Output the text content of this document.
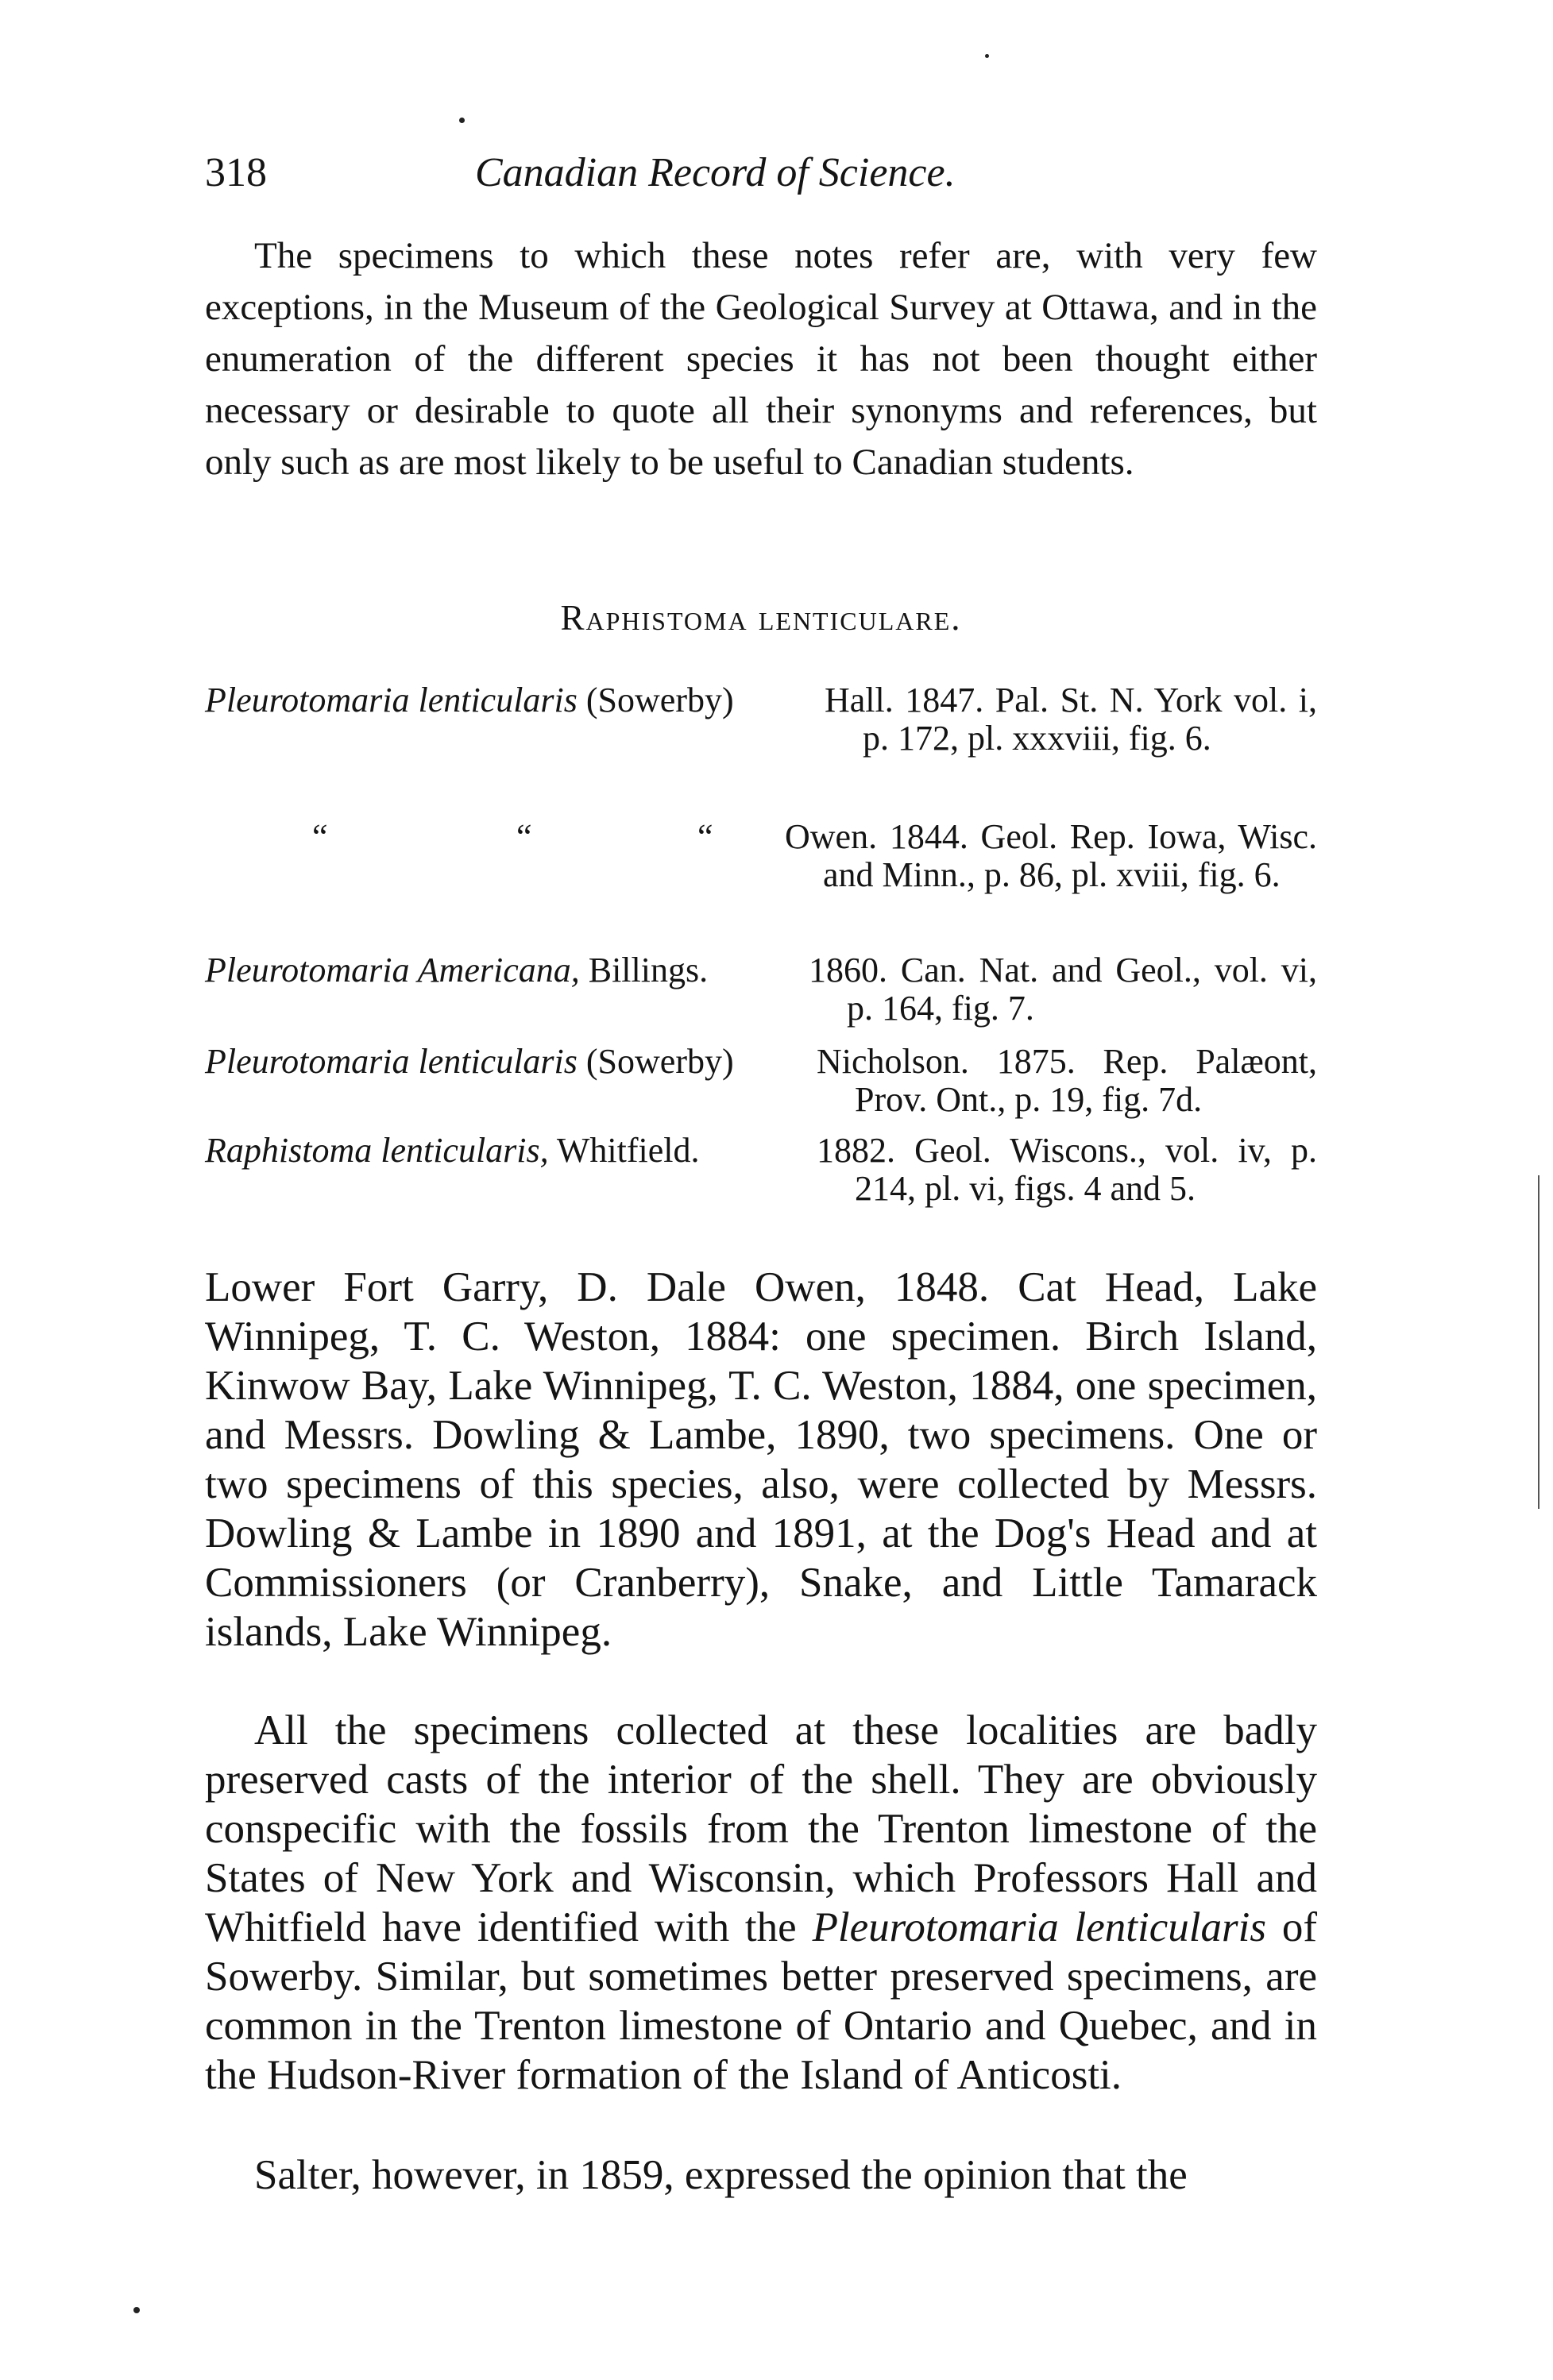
318	Canadian Record of Science.
The specimens to which these notes refer are, with very few exceptions, in the Museum of the Geological Survey at Ottawa, and in the enumeration of the different species it has not been thought either necessary or desirable to quote all their synonyms and references, but only such as are most likely to be useful to Canadian students.
Raphistoma lenticulare.
Pleurotomaria lenticularis (Sowerby)	Hall. 1847. Pal. St. N. York vol. i, p. 172, pl. xxxviii, fig. 6.
“	“	“ Owen. 1844. Geol. Rep. Iowa, Wisc. and Minn., p. 86, pl. xviii, fig. 6.
Pleurotomaria Americana, Billings.	1860. Can. Nat. and Geol., vol. vi, p. 164, fig. 7.
Pleurotomaria lenticularis (Sowerby) Nicholson. 1875. Rep. Palæont, Prov. Ont., p. 19, fig. 7d.
Raphistoma lenticularis, Whitfield.	1882. Geol. Wiscons., vol. iv, p. 214, pl. vi, figs. 4 and 5.
Lower Fort Garry, D. Dale Owen, 1848. Cat Head, Lake Winnipeg, T. C. Weston, 1884: one specimen. Birch Island, Kinwow Bay, Lake Winnipeg, T. C. Weston, 1884, one specimen, and Messrs. Dowling & Lambe, 1890, two specimens. One or two specimens of this species, also, were collected by Messrs. Dowling & Lambe in 1890 and 1891, at the Dog's Head and at Commissioners (or Cranberry), Snake, and Little Tamarack islands, Lake Winnipeg.
All the specimens collected at these localities are badly preserved casts of the interior of the shell. They are obviously conspecific with the fossils from the Trenton limestone of the States of New York and Wisconsin, which Professors Hall and Whitfield have identified with the Pleurotomaria lenticularis of Sowerby. Similar, but sometimes better preserved specimens, are common in the Trenton limestone of Ontario and Quebec, and in the Hudson-River formation of the Island of Anticosti.
Salter, however, in 1859, expressed the opinion that the
